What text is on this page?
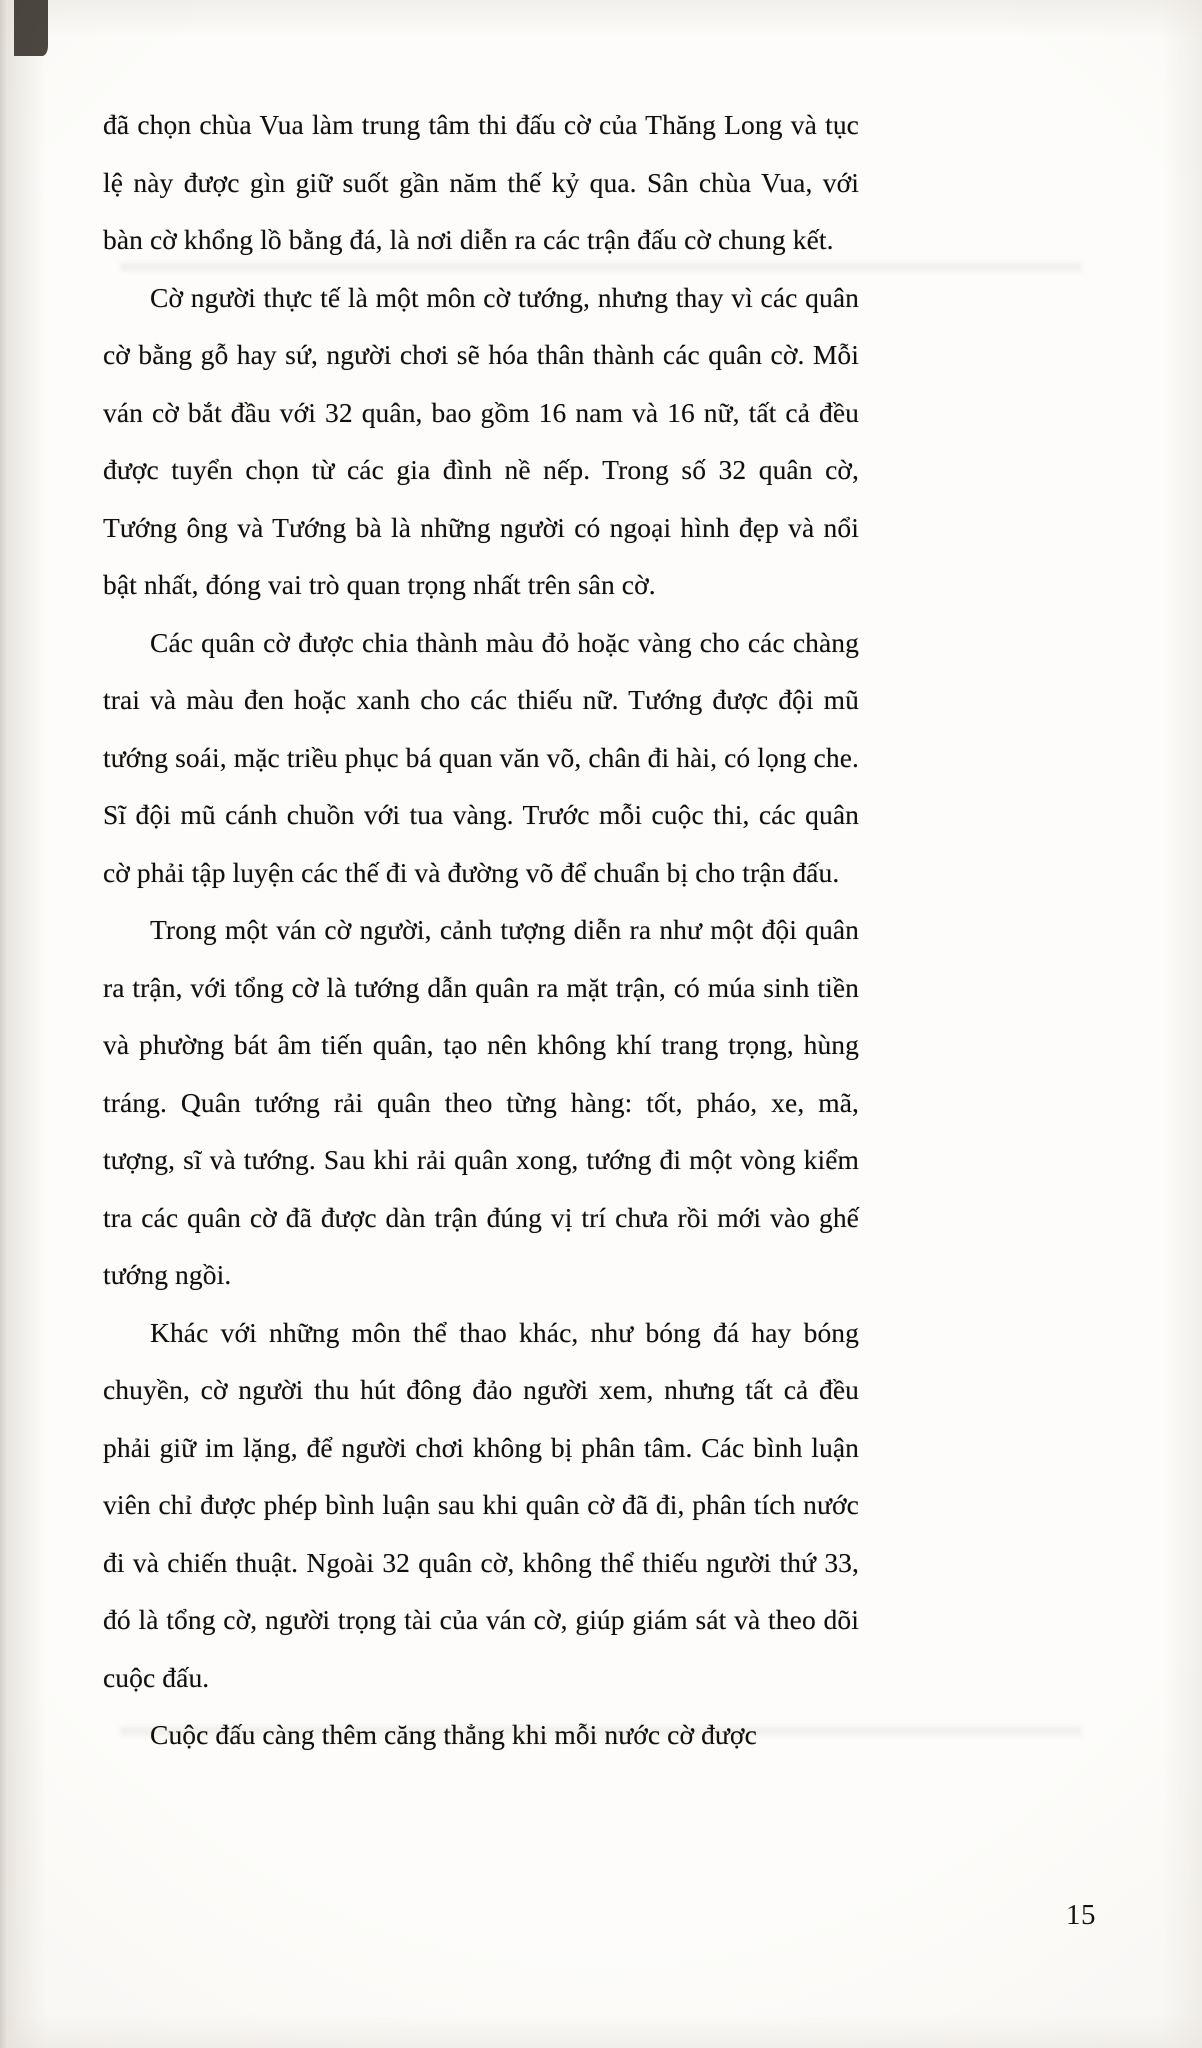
đã chọn chùa Vua làm trung tâm thi đấu cờ của Thăng Long và tục lệ này được gìn giữ suốt gần năm thế kỷ qua. Sân chùa Vua, với bàn cờ khổng lồ bằng đá, là nơi diễn ra các trận đấu cờ chung kết.

Cờ người thực tế là một môn cờ tướng, nhưng thay vì các quân cờ bằng gỗ hay sứ, người chơi sẽ hóa thân thành các quân cờ. Mỗi ván cờ bắt đầu với 32 quân, bao gồm 16 nam và 16 nữ, tất cả đều được tuyển chọn từ các gia đình nề nếp. Trong số 32 quân cờ, Tướng ông và Tướng bà là những người có ngoại hình đẹp và nổi bật nhất, đóng vai trò quan trọng nhất trên sân cờ.

Các quân cờ được chia thành màu đỏ hoặc vàng cho các chàng trai và màu đen hoặc xanh cho các thiếu nữ. Tướng được đội mũ tướng soái, mặc triều phục bá quan văn võ, chân đi hài, có lọng che. Sĩ đội mũ cánh chuồn với tua vàng. Trước mỗi cuộc thi, các quân cờ phải tập luyện các thế đi và đường võ để chuẩn bị cho trận đấu.

Trong một ván cờ người, cảnh tượng diễn ra như một đội quân ra trận, với tổng cờ là tướng dẫn quân ra mặt trận, có múa sinh tiền và phường bát âm tiến quân, tạo nên không khí trang trọng, hùng tráng. Quân tướng rải quân theo từng hàng: tốt, pháo, xe, mã, tượng, sĩ và tướng. Sau khi rải quân xong, tướng đi một vòng kiểm tra các quân cờ đã được dàn trận đúng vị trí chưa rồi mới vào ghế tướng ngồi.

Khác với những môn thể thao khác, như bóng đá hay bóng chuyền, cờ người thu hút đông đảo người xem, nhưng tất cả đều phải giữ im lặng, để người chơi không bị phân tâm. Các bình luận viên chỉ được phép bình luận sau khi quân cờ đã đi, phân tích nước đi và chiến thuật. Ngoài 32 quân cờ, không thể thiếu người thứ 33, đó là tổng cờ, người trọng tài của ván cờ, giúp giám sát và theo dõi cuộc đấu.

Cuộc đấu càng thêm căng thẳng khi mỗi nước cờ được

15
